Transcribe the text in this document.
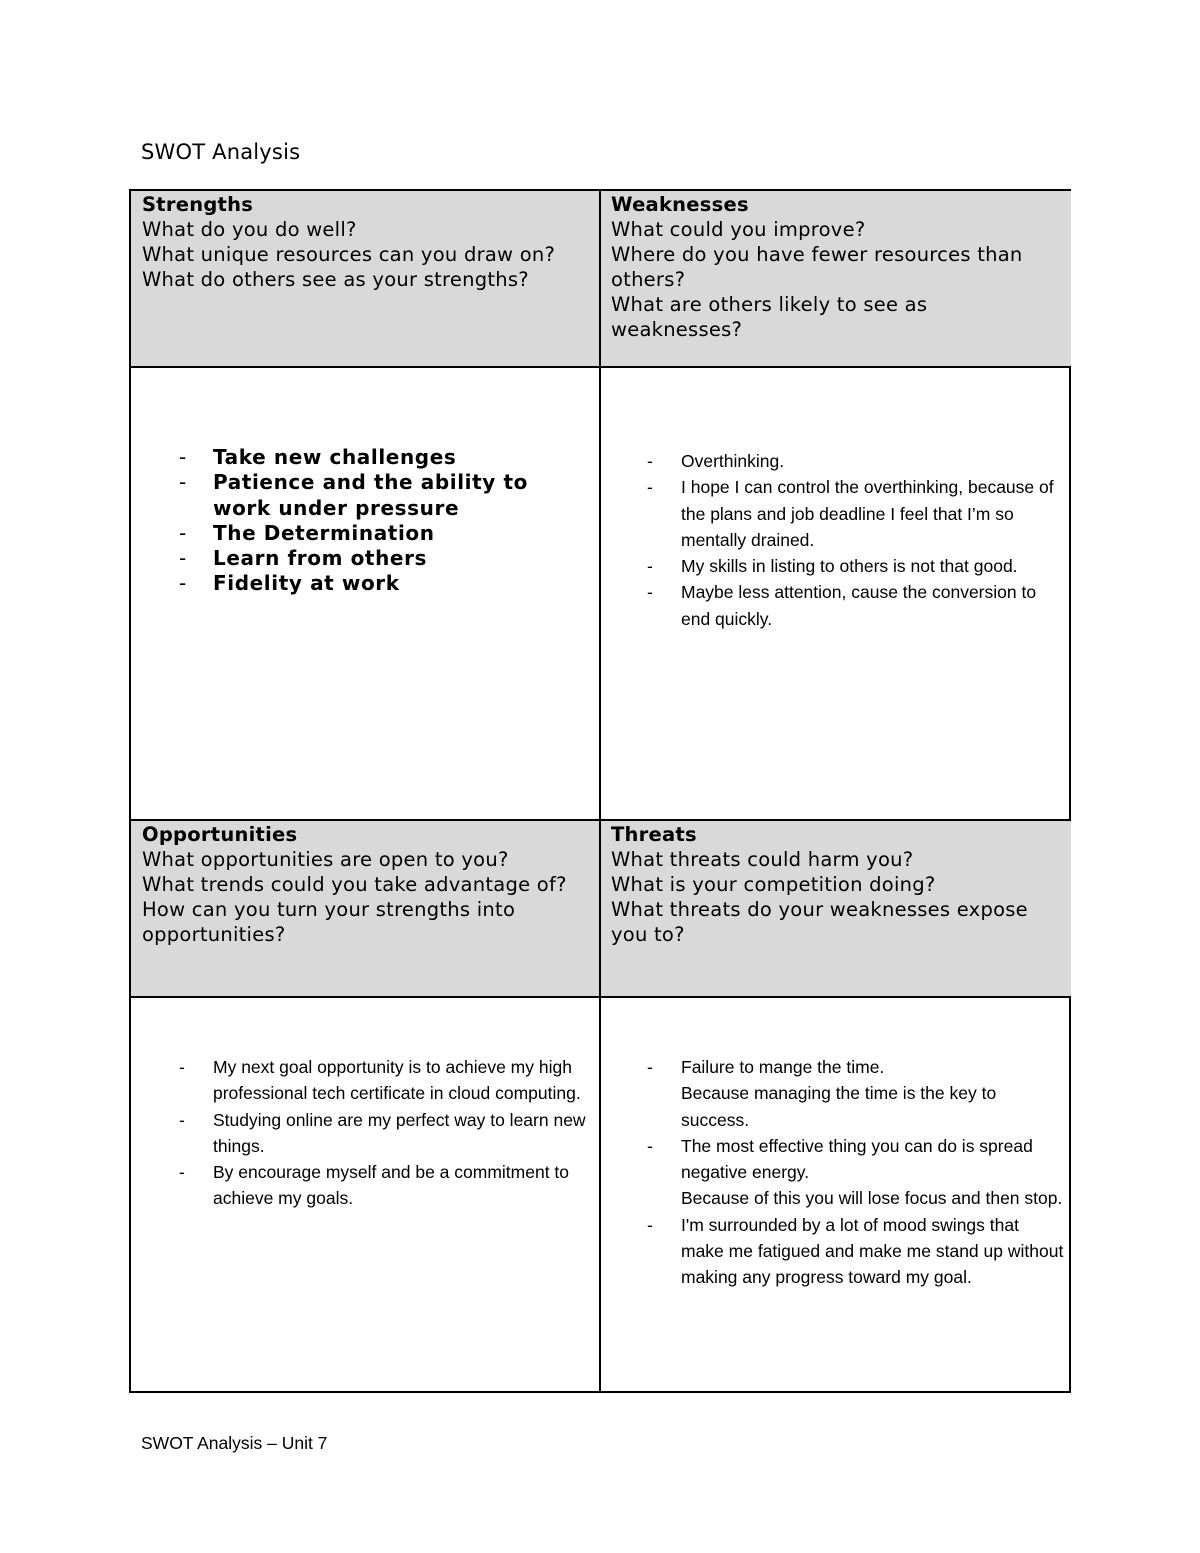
SWOT Analysis
Strengths
What do you do well?
What unique resources can you draw on?
What do others see as your strengths?
Weaknesses
What could you improve?
Where do you have fewer resources than others?
What are others likely to see as weaknesses?
- Take new challenges
- Patience and the ability to work under pressure
- The Determination
- Learn from others
- Fidelity at work
- Overthinking.
- I hope I can control the overthinking, because of the plans and job deadline I feel that I’m so mentally drained.
- My skills in listing to others is not that good.
- Maybe less attention, cause the conversion to end quickly.
Opportunities
What opportunities are open to you?
What trends could you take advantage of?
How can you turn your strengths into opportunities?
Threats
What threats could harm you?
What is your competition doing?
What threats do your weaknesses expose you to?
- My next goal opportunity is to achieve my high professional tech certificate in cloud computing.
- Studying online are my perfect way to learn new things.
- By encourage myself and be a commitment to achieve my goals.
- Failure to mange the time.
Because managing the time is the key to success.
- The most effective thing you can do is spread negative energy.
Because of this you will lose focus and then stop.
- I'm surrounded by a lot of mood swings that make me fatigued and make me stand up without making any progress toward my goal.
SWOT Analysis – Unit 7
